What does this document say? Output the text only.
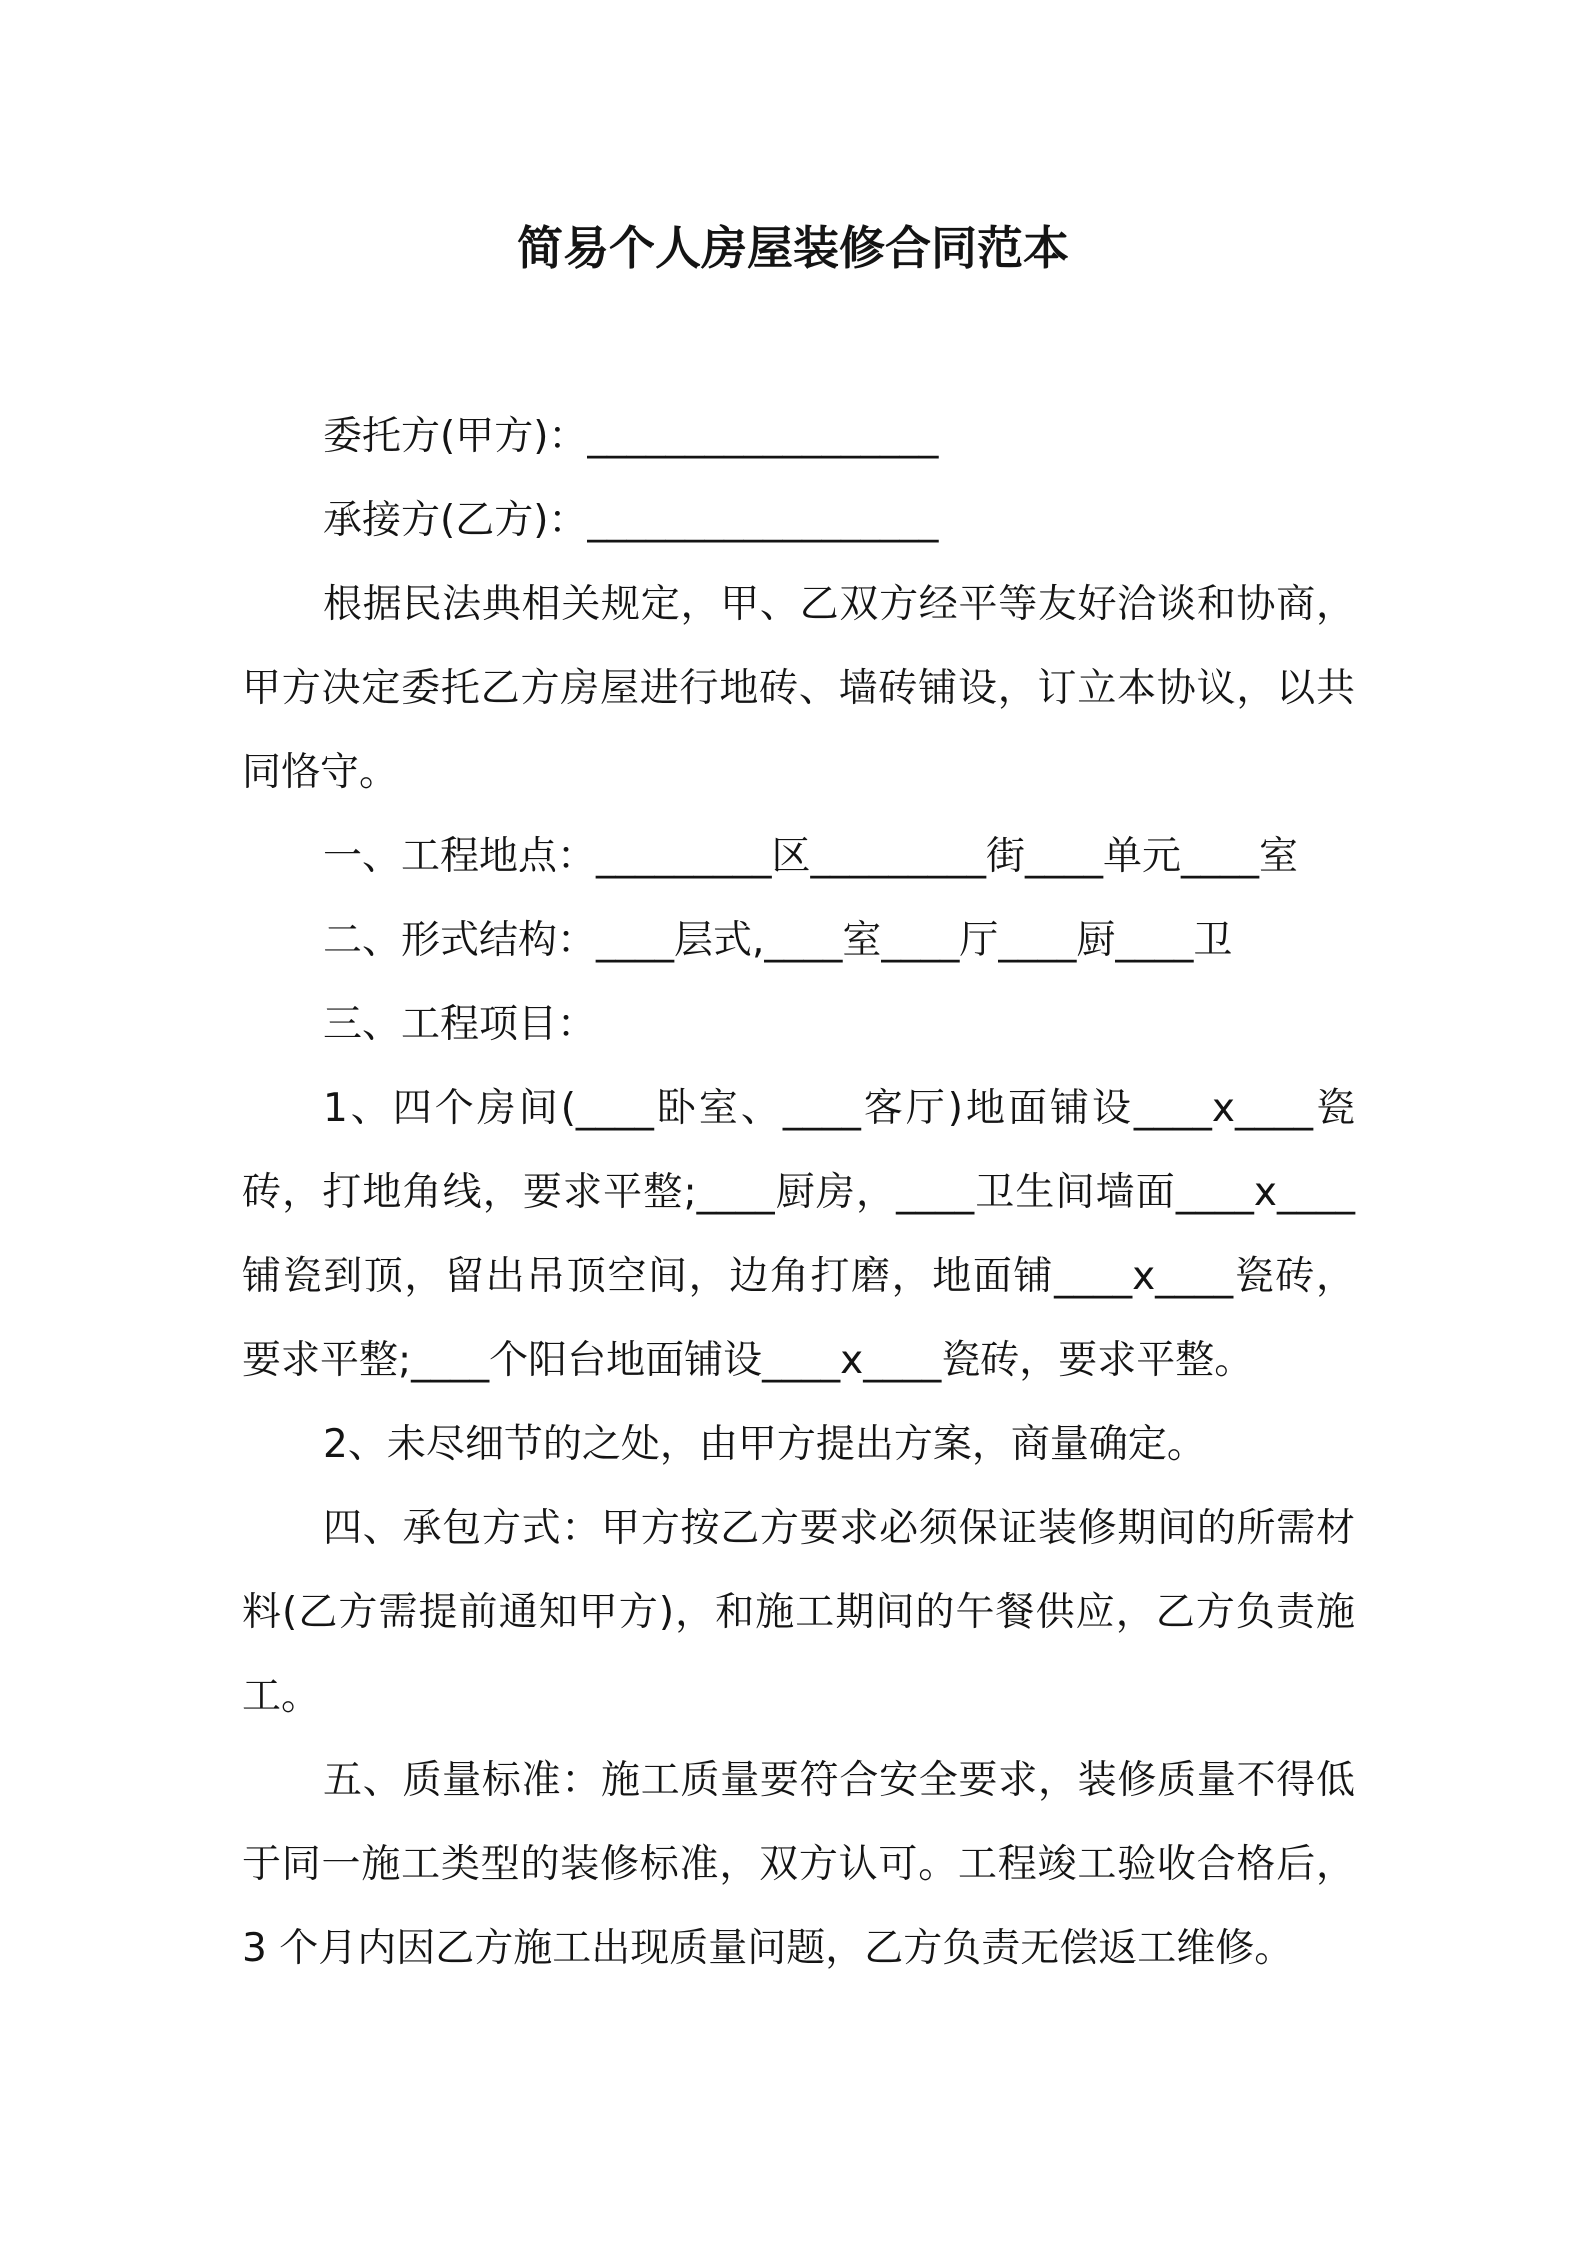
简易个人房屋装修合同范本
委托方(甲方)：__________________
承接方(乙方)：__________________
根据民法典相关规定，甲、乙双方经平等友好洽谈和协商，
甲方决定委托乙方房屋进行地砖、墙砖铺设，订立本协议，以共
同恪守。
一、工程地点：_________区_________街____单元____室
二、形式结构：____层式,____室____厅____厨____卫
三、工程项目：
1、四个房间(____卧室、____客厅)地面铺设____x____瓷
砖，打地角线，要求平整;____厨房，____卫生间墙面____x____
铺瓷到顶，留出吊顶空间，边角打磨，地面铺____x____瓷砖，
要求平整;____个阳台地面铺设____x____瓷砖，要求平整。
2、未尽细节的之处，由甲方提出方案，商量确定。
四、承包方式：甲方按乙方要求必须保证装修期间的所需材
料(乙方需提前通知甲方)，和施工期间的午餐供应，乙方负责施
工。
五、质量标准：施工质量要符合安全要求，装修质量不得低
于同一施工类型的装修标准，双方认可。工程竣工验收合格后，
3 个月内因乙方施工出现质量问题，乙方负责无偿返工维修。
